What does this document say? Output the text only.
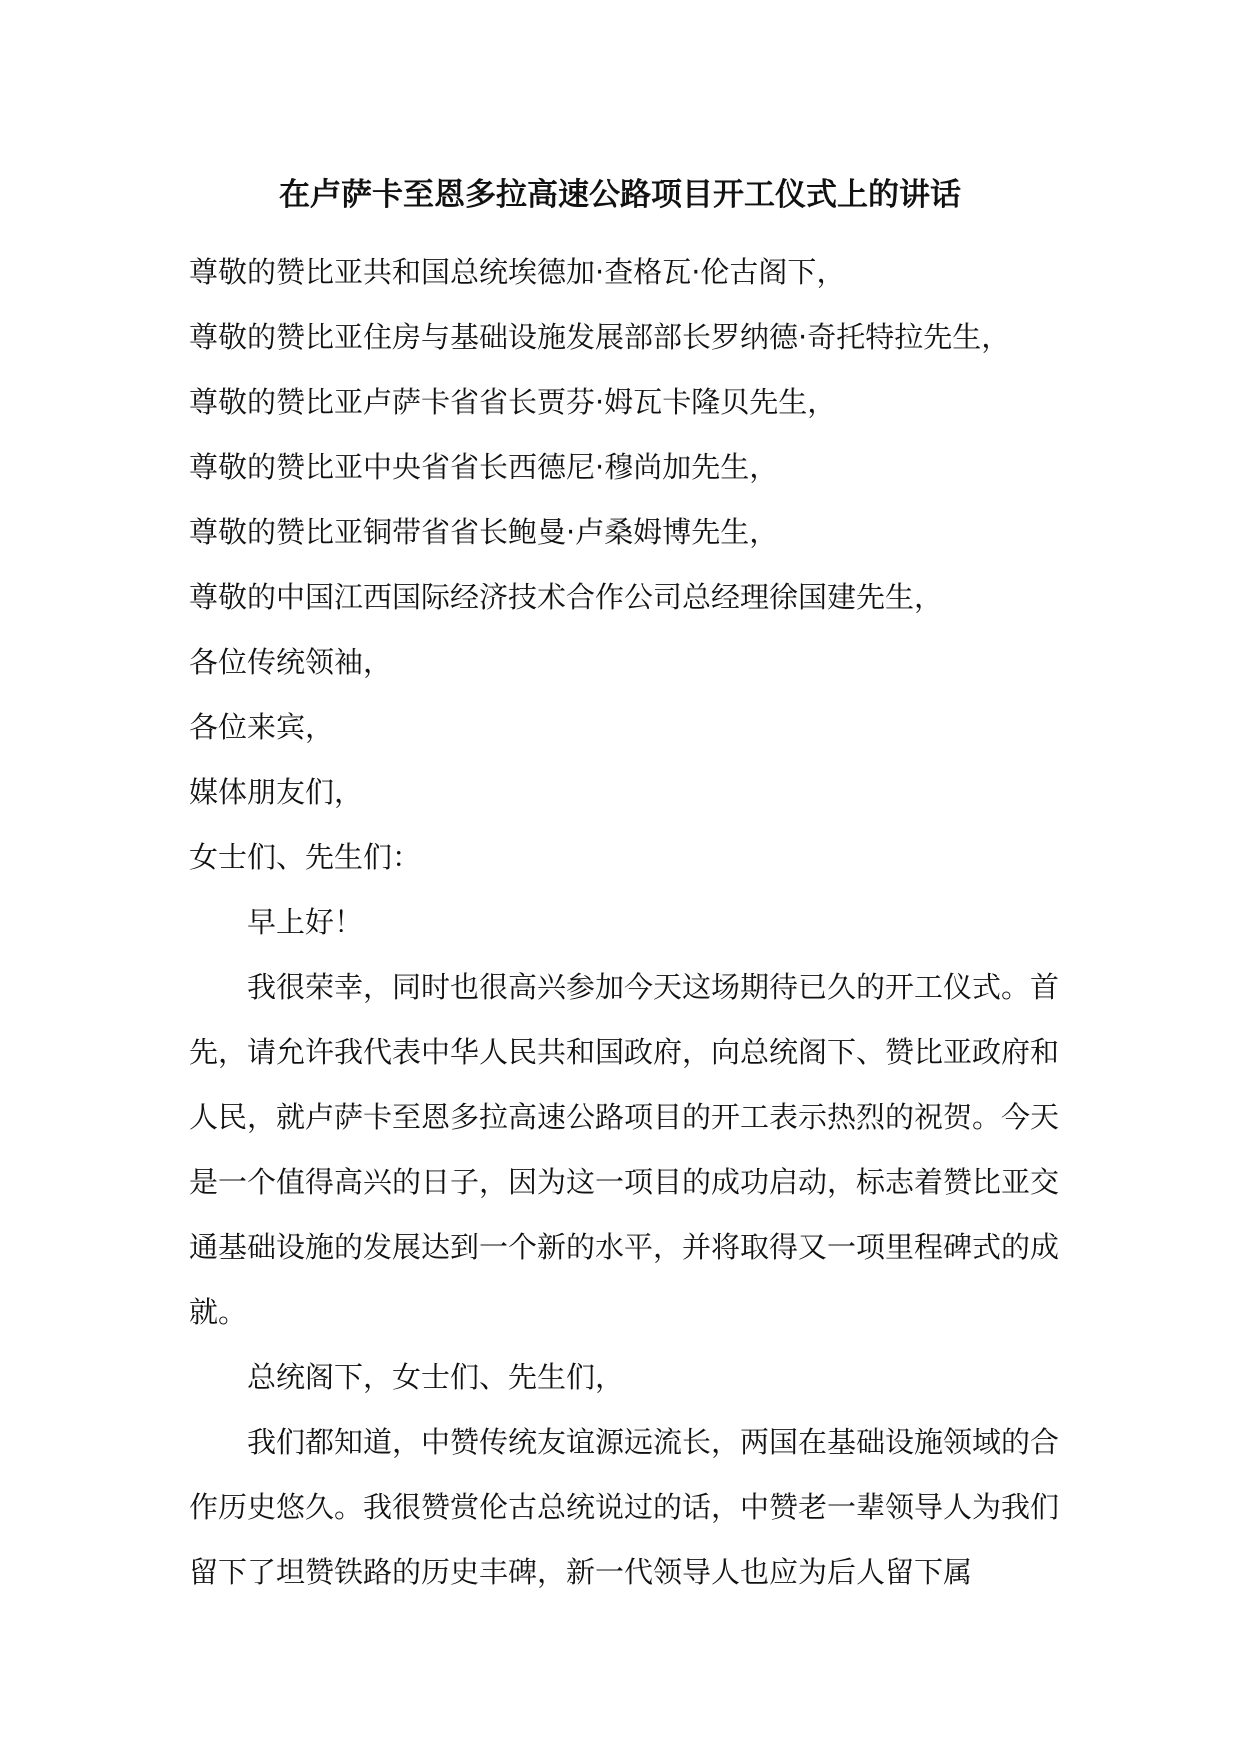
在卢萨卡至恩多拉高速公路项目开工仪式上的讲话
尊敬的赞比亚共和国总统埃德加·查格瓦·伦古阁下，
尊敬的赞比亚住房与基础设施发展部部长罗纳德·奇托特拉先生，
尊敬的赞比亚卢萨卡省省长贾芬·姆瓦卡隆贝先生，
尊敬的赞比亚中央省省长西德尼·穆尚加先生，
尊敬的赞比亚铜带省省长鲍曼·卢桑姆博先生，
尊敬的中国江西国际经济技术合作公司总经理徐国建先生，
各位传统领袖，
各位来宾，
媒体朋友们，
女士们、先生们：
早上好！
我很荣幸，同时也很高兴参加今天这场期待已久的开工仪式。首先，请允许我代表中华人民共和国政府，向总统阁下、赞比亚政府和人民，就卢萨卡至恩多拉高速公路项目的开工表示热烈的祝贺。今天是一个值得高兴的日子，因为这一项目的成功启动，标志着赞比亚交通基础设施的发展达到一个新的水平，并将取得又一项里程碑式的成就。
总统阁下，女士们、先生们，
我们都知道，中赞传统友谊源远流长，两国在基础设施领域的合作历史悠久。我很赞赏伦古总统说过的话，中赞老一辈领导人为我们留下了坦赞铁路的历史丰碑，新一代领导人也应为后人留下属
